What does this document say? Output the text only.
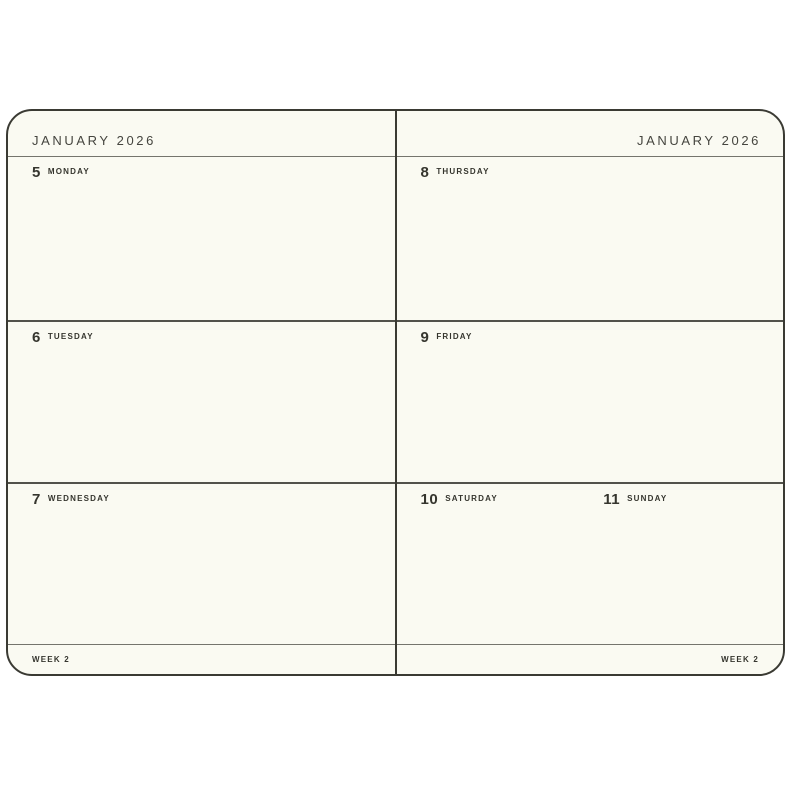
JANUARY 2026
5 MONDAY
6 TUESDAY
7 WEDNESDAY
WEEK 2
JANUARY 2026
8 THURSDAY
9 FRIDAY
10 SATURDAY	11 SUNDAY
WEEK 2
